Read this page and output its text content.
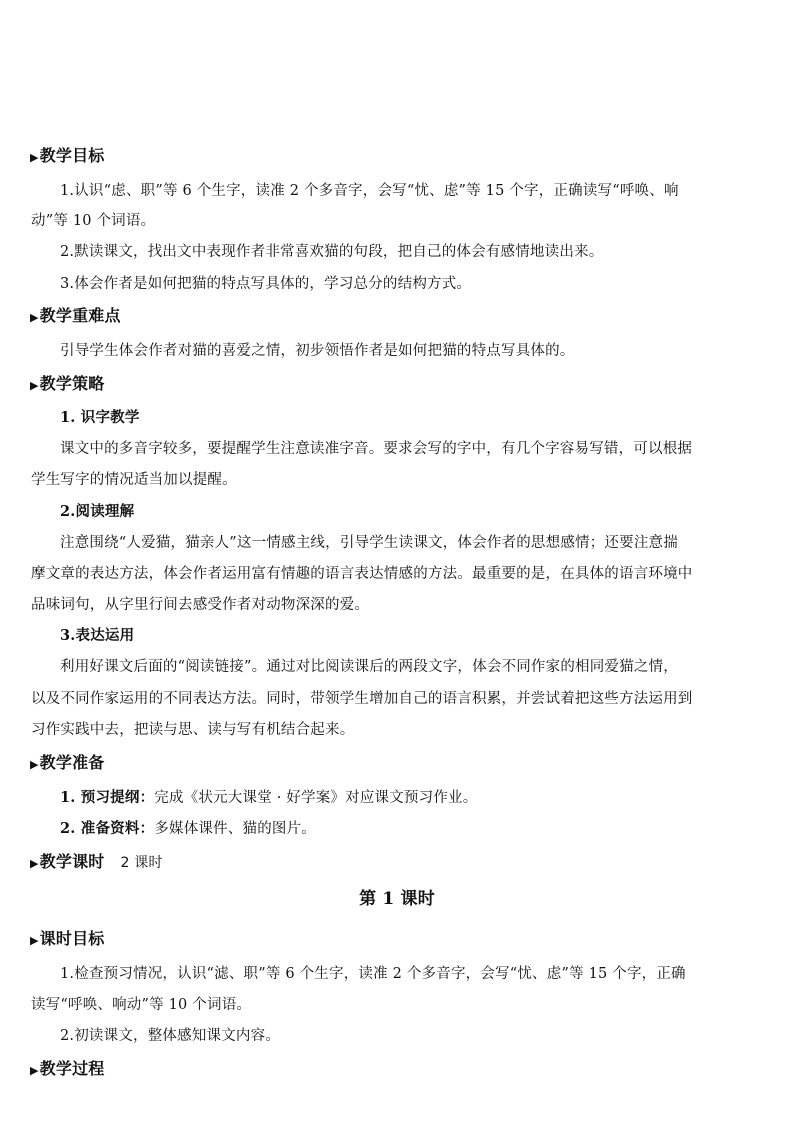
▶教学目标
1.认识“虑、职”等 6 个生字，读准 2 个多音字，会写“忧、虑”等 15 个字，正确读写“呼唤、响
动”等 10 个词语。
2.默读课文，找出文中表现作者非常喜欢猫的句段，把自己的体会有感情地读出来。
3.体会作者是如何把猫的特点写具体的，学习总分的结构方式。
▶教学重难点
引导学生体会作者对猫的喜爱之情，初步领悟作者是如何把猫的特点写具体的。
▶教学策略
1. 识字教学
课文中的多音字较多，要提醒学生注意读准字音。要求会写的字中，有几个字容易写错，可以根据
学生写字的情况适当加以提醒。
2.阅读理解
注意围绕“人爱猫，猫亲人”这一情感主线，引导学生读课文，体会作者的思想感情；还要注意揣
摩文章的表达方法，体会作者运用富有情趣的语言表达情感的方法。最重要的是，在具体的语言环境中
品味词句，从字里行间去感受作者对动物深深的爱。
3.表达运用
利用好课文后面的“阅读链接”。通过对比阅读课后的两段文字，体会不同作家的相同爱猫之情，
以及不同作家运用的不同表达方法。同时，带领学生增加自己的语言积累，并尝试着把这些方法运用到
习作实践中去，把读与思、读与写有机结合起来。
▶教学准备
1. 预习提纲：完成《状元大课堂 · 好学案》对应课文预习作业。
2. 准备资料：多媒体课件、猫的图片。
▶教学课时 2 课时
第 1 课时
▶课时目标
1.检查预习情况，认识“滤、职”等 6 个生字，读准 2 个多音字，会写“忧、虑”等 15 个字，正确
读写“呼唤、响动”等 10 个词语。
2.初读课文，整体感知课文内容。
▶教学过程
